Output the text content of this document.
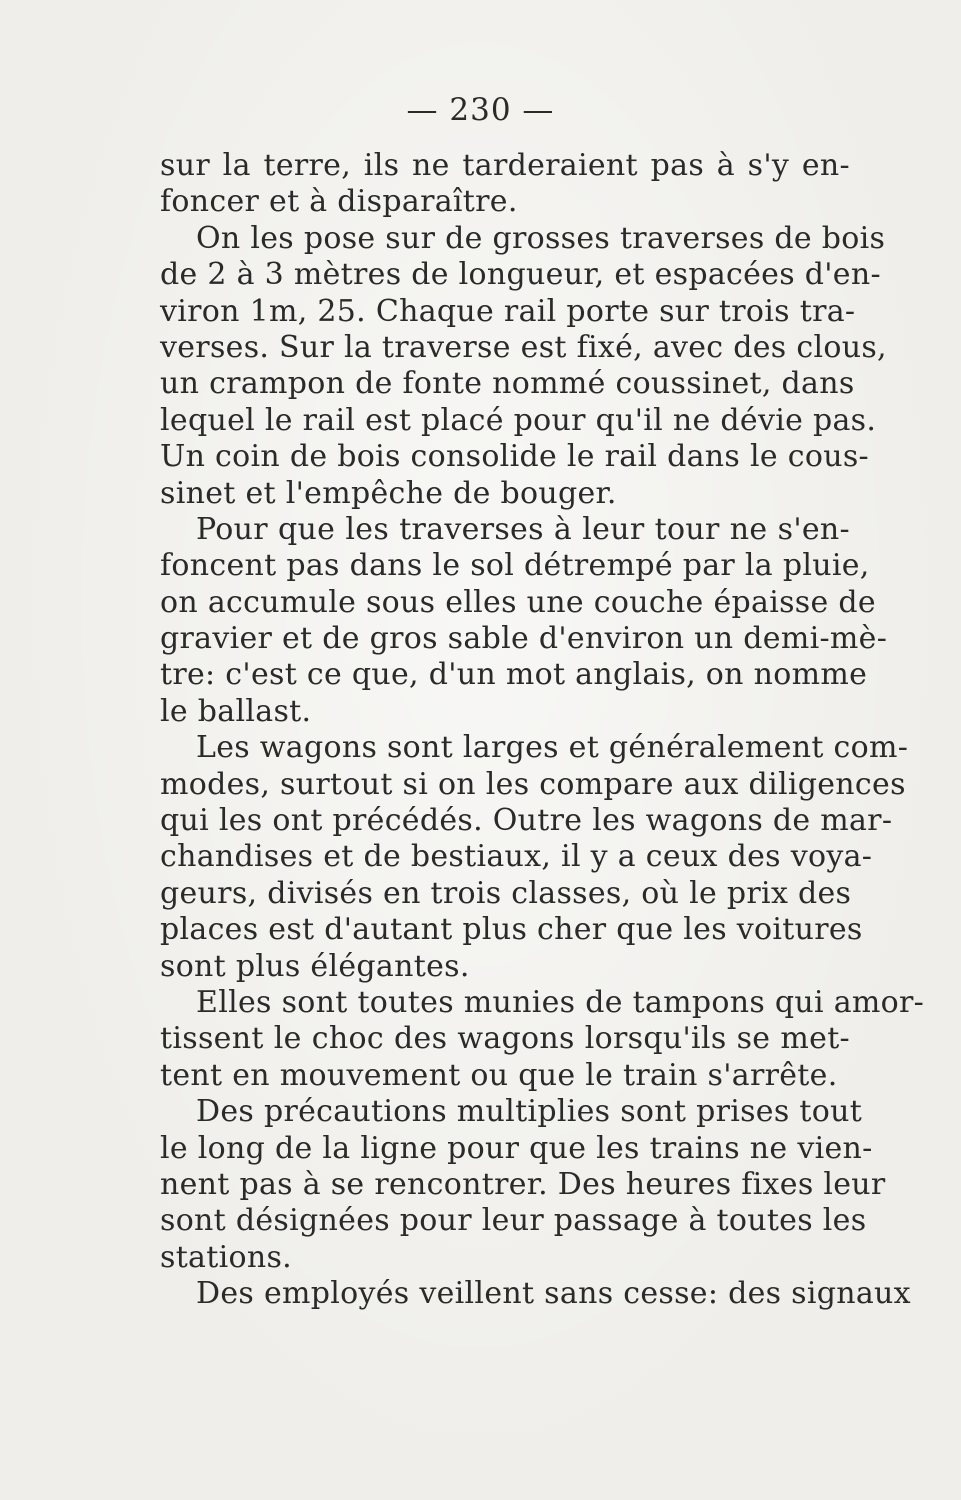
— 230 —
sur la terre, ils ne tarderaient pas à s'y en-
foncer et à disparaître.
On les pose sur de grosses traverses de bois
de 2 à 3 mètres de longueur, et espacées d'en-
viron 1m, 25. Chaque rail porte sur trois tra-
verses. Sur la traverse est fixé, avec des clous,
un crampon de fonte nommé coussinet, dans
lequel le rail est placé pour qu'il ne dévie pas.
Un coin de bois consolide le rail dans le cous-
sinet et l'empêche de bouger.
Pour que les traverses à leur tour ne s'en-
foncent pas dans le sol détrempé par la pluie,
on accumule sous elles une couche épaisse de
gravier et de gros sable d'environ un demi-mè-
tre: c'est ce que, d'un mot anglais, on nomme
le ballast.
Les wagons sont larges et généralement com-
modes, surtout si on les compare aux diligences
qui les ont précédés. Outre les wagons de mar-
chandises et de bestiaux, il y a ceux des voya-
geurs, divisés en trois classes, où le prix des
places est d'autant plus cher que les voitures
sont plus élégantes.
Elles sont toutes munies de tampons qui amor-
tissent le choc des wagons lorsqu'ils se met-
tent en mouvement ou que le train s'arrête.
Des précautions multiplies sont prises tout
le long de la ligne pour que les trains ne vien-
nent pas à se rencontrer. Des heures fixes leur
sont désignées pour leur passage à toutes les
stations.
Des employés veillent sans cesse: des signaux
